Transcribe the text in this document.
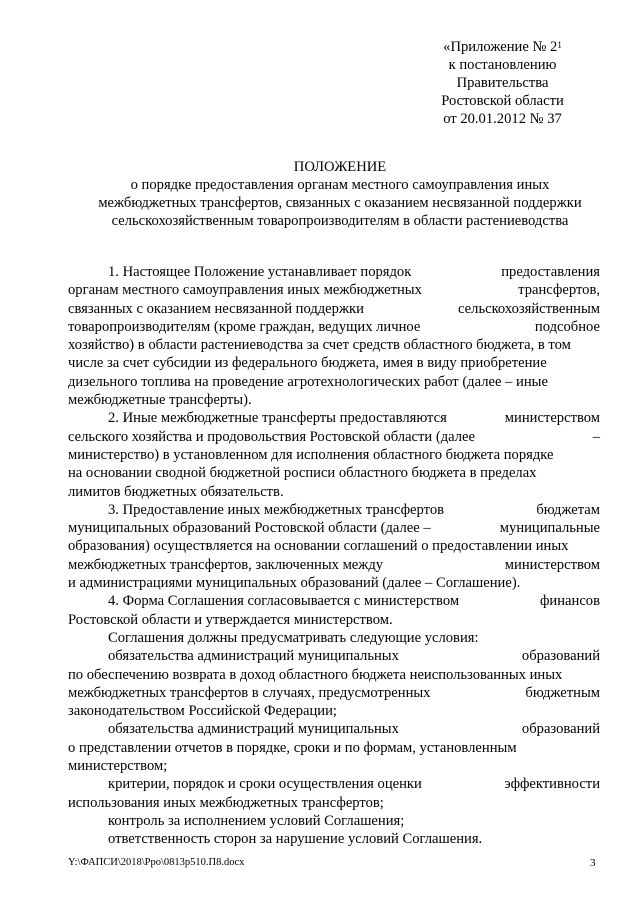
«Приложение № $2^1$
к постановлению
Правительства
Ростовской области
от 20.01.2012 № 37
ПОЛОЖЕНИЕ
о порядке предоставления органам местного самоуправления иных
межбюджетных трансфертов, связанных с оказанием несвязанной поддержки
сельскохозяйственным товаропроизводителям в области растениеводства
1. Настоящее Положение устанавливает порядок	предоставления
органам местного самоуправления иных межбюджетных	трансфертов,
связанных с оказанием несвязанной поддержки	сельскохозяйственным
товаропроизводителям (кроме граждан, ведущих личное	подсобное
хозяйство) в области растениеводства за счет средств областного бюджета, в том
числе за счет субсидии из федерального бюджета, имея в виду приобретение
дизельного топлива на проведение агротехнологических работ (далее – иные
межбюджетные трансферты).
2. Иные межбюджетные трансферты предоставляются	министерством
сельского хозяйства и продовольствия Ростовской области (далее	–
министерство) в установленном для исполнения областного бюджета порядке
на основании сводной бюджетной росписи областного бюджета в пределах
лимитов бюджетных обязательств.
3. Предоставление иных межбюджетных трансфертов	бюджетам
муниципальных образований Ростовской области (далее –	муниципальные
образования) осуществляется на основании соглашений о предоставлении иных
межбюджетных трансфертов, заключенных между	министерством
и администрациями муниципальных образований (далее – Соглашение).
4. Форма Соглашения согласовывается с министерством	финансов
Ростовской области и утверждается министерством.
Соглашения должны предусматривать следующие условия:
обязательства администраций муниципальных	образований
по обеспечению возврата в доход областного бюджета неиспользованных иных
межбюджетных трансфертов в случаях, предусмотренных	бюджетным
законодательством Российской Федерации;
обязательства администраций муниципальных	образований
о представлении отчетов в порядке, сроки и по формам, установленным
министерством;
критерии, порядок и сроки осуществления оценки	эффективности
использования иных межбюджетных трансфертов;
контроль за исполнением условий Соглашения;
ответственность сторон за нарушение условий Соглашения.
Y:\ФАПСИ\2018\Рро\0813р510.П8.docx	3
